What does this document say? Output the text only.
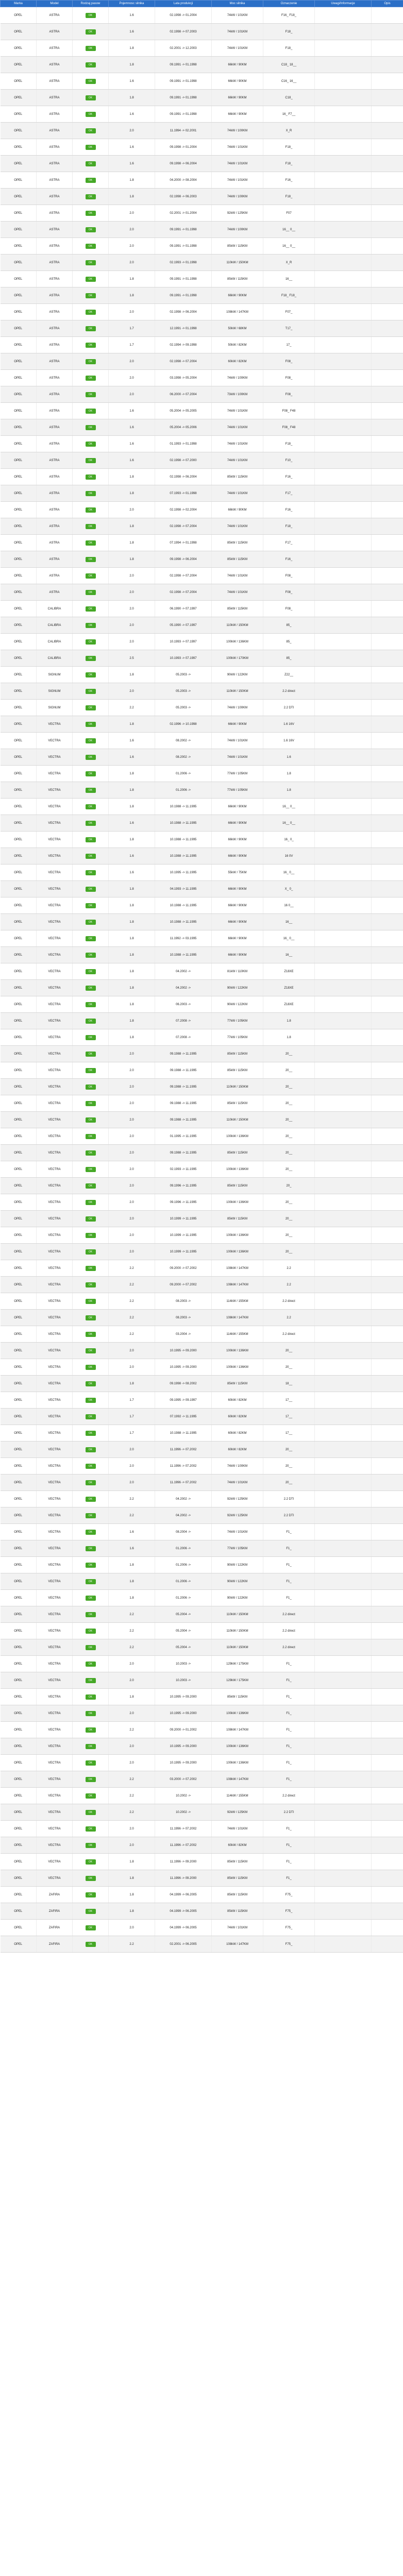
Marka	Model	Rodzaj pasow	Pojemnosc silnika	Lata produkcji	Moc silnika	Oznaczenie	Uwagi/Informacje	Opis
OPEL	ASTRA	OK	1.6	02.1998 -> 01.2004	74kW / 101KM	F16_ F18_		
OPEL	ASTRA	OK	1.6	02.1998 -> 07.2003	74kW / 101KM	F18_		
OPEL	ASTRA	OK	1.8	02.2001 -> 12.2003	74kW / 101KM	F18_		
OPEL	ASTRA	OK	1.8	09.1991 -> 01.1998	66kW / 90KM	C18_ 18__		
OPEL	ASTRA	OK	1.6	09.1991 -> 01.1998	66kW / 90KM	C16_ 16__		
OPEL	ASTRA	OK	1.8	09.1991 -> 01.1998	66kW / 90KM	C18_		
OPEL	ASTRA	OK	1.6	09.1991 -> 01.1998	66kW / 90KM	16_ F7__		
OPEL	ASTRA	OK	2.0	11.1994 -> 02.2001	74kW / 100KM	X_R		
OPEL	ASTRA	OK	1.6	09.1998 -> 01.2004	74kW / 101KM	F18_		
OPEL	ASTRA	OK	1.6	09.1998 -> 06.2004	74kW / 101KM	F18_		
OPEL	ASTRA	OK	1.8	04.2000 -> 08.2004	74kW / 101KM	F16_		
OPEL	ASTRA	OK	1.8	02.1998 -> 06.2003	74kW / 100KM	F18_		
OPEL	ASTRA	OK	2.0	02.2001 -> 01.2004	92kW / 125KM	F07		
OPEL	ASTRA	OK	2.0	09.1991 -> 01.1998	74kW / 100KM	16__ 0__		
OPEL	ASTRA	OK	2.0	09.1991 -> 01.1998	85kW / 115KM	16__ 0__		
OPEL	ASTRA	OK	2.0	02.1993 -> 01.1998	110kW / 150KM	X_R		
OPEL	ASTRA	OK	1.8	09.1991 -> 01.1998	85kW / 115KM	16__		
OPEL	ASTRA	OK	1.8	09.1991 -> 01.1998	66kW / 90KM	F18_ F18_		
OPEL	ASTRA	OK	2.0	02.1998 -> 06.2004	108kW / 147KM	F07_		
OPEL	ASTRA	OK	1.7	12.1991 -> 01.1998	50kW / 68KM	T17_		
OPEL	ASTRA	OK	1.7	02.1994 -> 09.1998	50kW / 82KM	17_		
OPEL	ASTRA	OK	2.0	02.1998 -> 07.2004	60kW / 82KM	F08_		
OPEL	ASTRA	OK	2.0	03.1998 -> 05.2004	74kW / 100KM	F08_		
OPEL	ASTRA	OK	2.0	06.2000 -> 07.2004	73kW / 100KM	F08_		
OPEL	ASTRA	OK	1.6	05.2004 -> 05.2005	74kW / 101KM	F08_ F48		
OPEL	ASTRA	OK	1.6	05.2004 -> 05.2006	74kW / 101KM	F08_ F48		
OPEL	ASTRA	OK	1.6	01.1993 -> 01.1998	74kW / 101KM	F18_		
OPEL	ASTRA	OK	1.6	02.1998 -> 07.2000	74kW / 101KM	F10_		
OPEL	ASTRA	OK	1.8	02.1998 -> 06.2004	85kW / 115KM	F16_		
OPEL	ASTRA	OK	1.8	07.1993 -> 01.1998	74kW / 101KM	F17_		
OPEL	ASTRA	OK	2.0	02.1998 -> 02.2004	66kW / 90KM	F16_		
OPEL	ASTRA	OK	1.8	02.1998 -> 07.2004	74kW / 101KM	F18_		
OPEL	ASTRA	OK	1.8	07.1994 -> 01.1998	85kW / 115KM	F17_		
OPEL	ASTRA	OK	1.8	09.1998 -> 06.2004	85kW / 115KM	F16_		
OPEL	ASTRA	OK	2.0	02.1998 -> 07.2004	74kW / 101KM	F08_		
OPEL	ASTRA	OK	2.0	02.1998 -> 07.2004	74kW / 101KM	F08_		
OPEL	CALIBRA	OK	2.0	06.1990 -> 07.1997	85kW / 115KM	F08_		
OPEL	CALIBRA	OK	2.0	05.1990 -> 07.1997	110kW / 150KM	85_		
OPEL	CALIBRA	OK	2.0	10.1993 -> 07.1997	100kW / 136KM	85_		
OPEL	CALIBRA	OK	2.5	10.1993 -> 07.1997	100kW / 170KM	85_		
OPEL	SIGNUM	OK	1.8	05.2003 ->	90kW / 122KM	Z22__		
OPEL	SIGNUM	OK	2.0	05.2003 ->	110kW / 150KM	2.2 direct		
OPEL	SIGNUM	OK	2.2	05.2003 ->	74kW / 100KM	2.2 DTI		
OPEL	VECTRA	OK	1.8	02.1996 -> 10.1998	66kW / 90KM	1.6 16V		
OPEL	VECTRA	OK	1.6	08.2002 ->	74kW / 101KM	1.6 16V		
OPEL	VECTRA	OK	1.6	08.2002 ->	74kW / 101KM	1.6		
OPEL	VECTRA	OK	1.8	01.2006 ->	77kW / 105KM	1.8		
OPEL	VECTRA	OK	1.8	01.2006 ->	77kW / 105KM	1.8		
OPEL	VECTRA	OK	1.8	10.1988 -> 11.1995	66kW / 90KM	16__ 0__		
OPEL	VECTRA	OK	1.6	10.1988 -> 11.1995	66kW / 90KM	16__ 0__		
OPEL	VECTRA	OK	1.8	10.1988 -> 11.1995	66kW / 90KM	16_ 0_		
OPEL	VECTRA	OK	1.6	10.1988 -> 11.1995	66kW / 90KM	16 0V		
OPEL	VECTRA	OK	1.6	10.1995 -> 11.1995	55kW / 75KM	16_ 0__		
OPEL	VECTRA	OK	1.8	04.1993 -> 11.1995	66kW / 90KM	X_ 0_		
OPEL	VECTRA	OK	1.8	10.1988 -> 11.1995	66kW / 90KM	16 0__		
OPEL	VECTRA	OK	1.8	10.1988 -> 11.1995	66kW / 90KM	16__		
OPEL	VECTRA	OK	1.8	11.1992 -> 03.1995	66kW / 90KM	16_ 0__		
OPEL	VECTRA	OK	1.8	10.1988 -> 11.1995	66kW / 90KM	16__		
OPEL	VECTRA	OK	1.8	04.2002 ->	81kW / 110KM	Z18XE		
OPEL	VECTRA	OK	1.8	04.2002 ->	90kW / 122KM	Z18XE		
OPEL	VECTRA	OK	1.8	06.2003 ->	90kW / 122KM	Z18XE		
OPEL	VECTRA	OK	1.8	07.2008 ->	77kW / 105KM	1.8		
OPEL	VECTRA	OK	1.8	07.2008 ->	77kW / 105KM	1.8		
OPEL	VECTRA	OK	2.0	09.1988 -> 11.1995	85kW / 115KM	20__		
OPEL	VECTRA	OK	2.0	09.1988 -> 11.1995	85kW / 115KM	20__		
OPEL	VECTRA	OK	2.0	09.1988 -> 11.1995	110kW / 150KM	20__		
OPEL	VECTRA	OK	2.0	09.1988 -> 11.1995	85kW / 115KM	20__		
OPEL	VECTRA	OK	2.0	09.1988 -> 11.1995	110kW / 150KM	20__		
OPEL	VECTRA	OK	2.0	01.1995 -> 11.1995	100kW / 136KM	20__		
OPEL	VECTRA	OK	2.0	09.1988 -> 11.1995	85kW / 115KM	20__		
OPEL	VECTRA	OK	2.0	02.1993 -> 11.1995	100kW / 136KM	20__		
OPEL	VECTRA	OK	2.0	09.1996 -> 11.1995	85kW / 115KM	20_		
OPEL	VECTRA	OK	2.0	09.1996 -> 11.1995	100kW / 136KM	20__		
OPEL	VECTRA	OK	2.0	10.1999 -> 11.1995	85kW / 115KM	20__		
OPEL	VECTRA	OK	2.0	10.1999 -> 11.1995	100kW / 136KM	20__		
OPEL	VECTRA	OK	2.0	10.1999 -> 11.1995	100kW / 136KM	20__		
OPEL	VECTRA	OK	2.2	09.2000 -> 07.2002	108kW / 147KM	2.2		
OPEL	VECTRA	OK	2.2	09.2000 -> 07.2002	108kW / 147KM	2.2		
OPEL	VECTRA	OK	2.2	08.2003 ->	114kW / 155KM	2.2 direct		
OPEL	VECTRA	OK	2.2	08.2003 ->	108kW / 147KM	2.2		
OPEL	VECTRA	OK	2.2	03.2004 ->	114kW / 155KM	2.2 direct		
OPEL	VECTRA	OK	2.0	10.1995 -> 09.2000	100kW / 136KM	20__		
OPEL	VECTRA	OK	2.0	10.1995 -> 09.2000	100kW / 136KM	20__		
OPEL	VECTRA	OK	1.8	09.1998 -> 08.2002	85kW / 115KM	18__		
OPEL	VECTRA	OK	1.7	09.1995 -> 09.1997	60kW / 82KM	17__		
OPEL	VECTRA	OK	1.7	07.1992 -> 11.1995	60kW / 82KM	17__		
OPEL	VECTRA	OK	1.7	10.1988 -> 11.1995	60kW / 82KM	17__		
OPEL	VECTRA	OK	2.0	11.1996 -> 07.2002	60kW / 82KM	20__		
OPEL	VECTRA	OK	2.0	11.1996 -> 07.2002	74kW / 100KM	20__		
OPEL	VECTRA	OK	2.0	11.1996 -> 07.2002	74kW / 101KM	20__		
OPEL	VECTRA	OK	2.2	04.2002 ->	92kW / 125KM	2.2 DTI		
OPEL	VECTRA	OK	2.2	04.2002 ->	92kW / 125KM	2.2 DTI		
OPEL	VECTRA	OK	1.6	08.2004 ->	74kW / 101KM	F1_		
OPEL	VECTRA	OK	1.6	01.2006 ->	77kW / 105KM	F1_		
OPEL	VECTRA	OK	1.8	01.2006 ->	90kW / 122KM	F1_		
OPEL	VECTRA	OK	1.8	01.2006 ->	90kW / 122KM	F1_		
OPEL	VECTRA	OK	1.8	01.2006 ->	90kW / 122KM	F1_		
OPEL	VECTRA	OK	2.2	05.2004 ->	110kW / 150KM	2.2 direct		
OPEL	VECTRA	OK	2.2	05.2004 ->	110kW / 150KM	2.2 direct		
OPEL	VECTRA	OK	2.2	05.2004 ->	110kW / 150KM	2.2 direct		
OPEL	VECTRA	OK	2.0	10.2003 ->	129kW / 175KM	F1_		
OPEL	VECTRA	OK	2.0	10.2003 ->	129kW / 175KM	F1_		
OPEL	VECTRA	OK	1.8	10.1995 -> 09.2000	85kW / 115KM	F1_		
OPEL	VECTRA	OK	2.0	10.1995 -> 09.2000	100kW / 136KM	F1_		
OPEL	VECTRA	OK	2.2	09.2000 -> 01.2002	108kW / 147KM	F1_		
OPEL	VECTRA	OK	2.0	10.1995 -> 09.2000	100kW / 136KM	F1_		
OPEL	VECTRA	OK	2.0	10.1995 -> 09.2000	100kW / 136KM	F1_		
OPEL	VECTRA	OK	2.2	03.2000 -> 07.2002	108kW / 147KM	F1_		
OPEL	VECTRA	OK	2.2	10.2002 ->	114kW / 155KM	2.2 direct		
OPEL	VECTRA	OK	2.2	10.2002 ->	92kW / 125KM	2.2 DTI		
OPEL	VECTRA	OK	2.0	11.1996 -> 07.2002	74kW / 101KM	F1_		
OPEL	VECTRA	OK	2.0	11.1996 -> 07.2002	60kW / 82KM	F1_		
OPEL	VECTRA	OK	1.8	11.1996 -> 09.2000	85kW / 115KM	F1_		
OPEL	VECTRA	OK	1.8	11.1996 -> 09.2000	85kW / 115KM	F1_		
OPEL	ZAFIRA	OK	1.8	04.1999 -> 06.2005	85kW / 115KM	F75_		
OPEL	ZAFIRA	OK	1.8	04.1999 -> 06.2005	85kW / 115KM	F75_		
OPEL	ZAFIRA	OK	2.0	04.1999 -> 06.2005	74kW / 101KM	F75_		
OPEL	ZAFIRA	OK	2.2	02.2001 -> 06.2005	108kW / 147KM	F75_		
